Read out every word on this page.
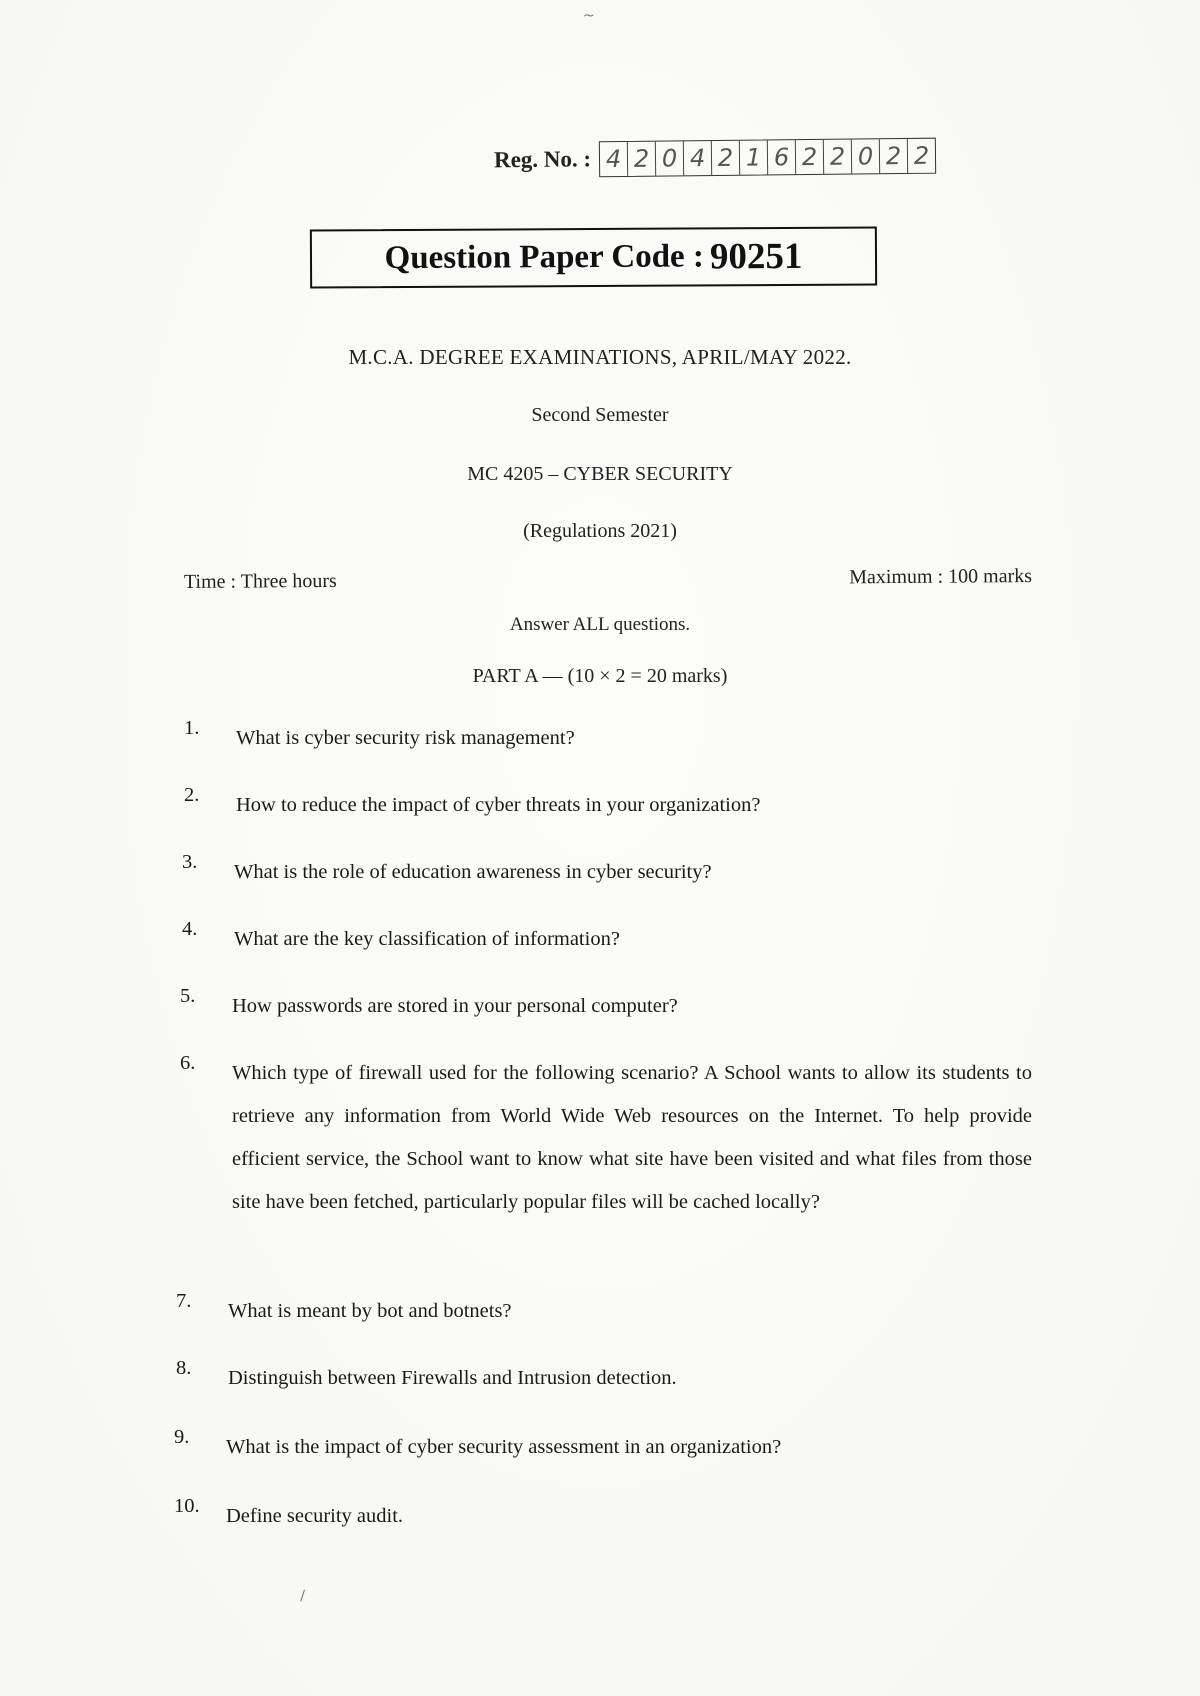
~
\
Reg. No. : 4 2 0 4 2 1 6 2 2 0 2 2
Question Paper Code : 90251
M.C.A. DEGREE EXAMINATIONS, APRIL/MAY 2022.
Second Semester
MC 4205 – CYBER SECURITY
(Regulations 2021)
Time : Three hours	Maximum : 100 marks
Answer ALL questions.
PART A — (10 × 2 = 20 marks)
1.	What is cyber security risk management?
2.	How to reduce the impact of cyber threats in your organization?
3.	What is the role of education awareness in cyber security?
4.	What are the key classification of information?
5.	How passwords are stored in your personal computer?
6.	Which type of firewall used for the following scenario? A School wants to allow its students to retrieve any information from World Wide Web resources on the Internet. To help provide efficient service, the School want to know what site have been visited and what files from those site have been fetched, particularly popular files will be cached locally?
7.	What is meant by bot and botnets?
8.	Distinguish between Firewalls and Intrusion detection.
9.	What is the impact of cyber security assessment in an organization?
10.	Define security audit.
